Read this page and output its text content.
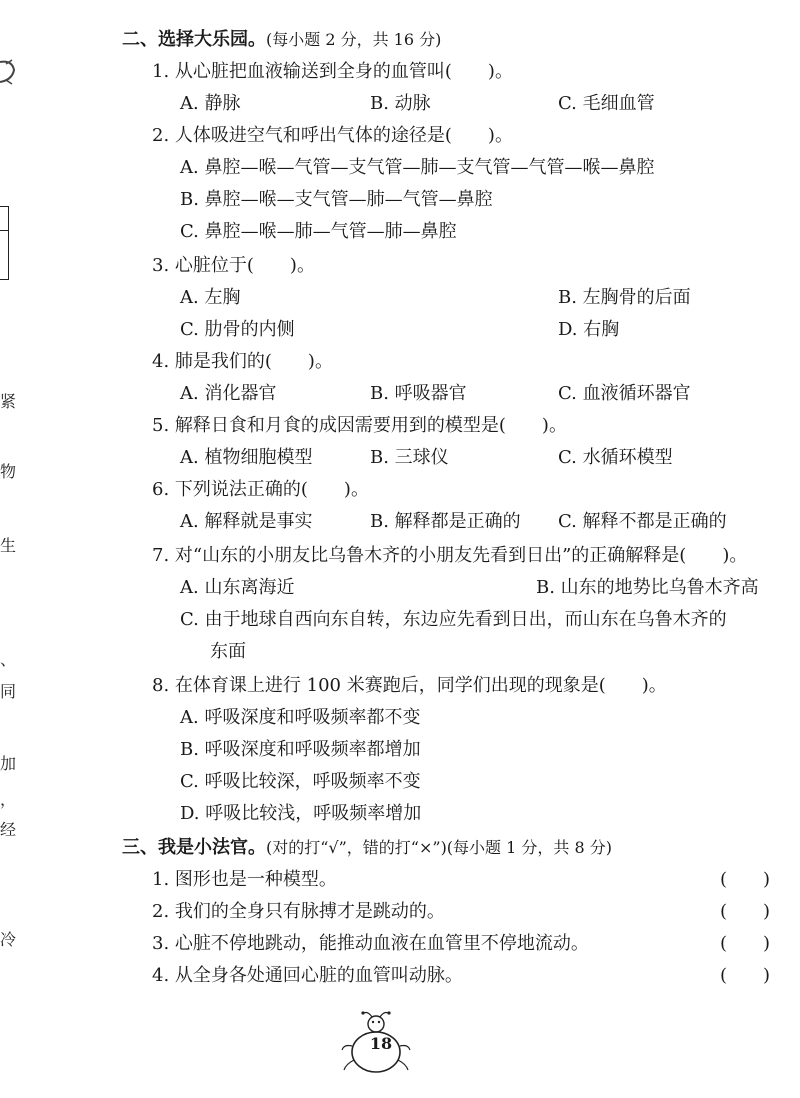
紧
物
生
、
同
加
，
经
冷
二、选择大乐园。(每小题 2 分，共 16 分)
1. 从心脏把血液输送到全身的血管叫(　　)。
A. 静脉	B. 动脉	C. 毛细血管
2. 人体吸进空气和呼出气体的途径是(　　)。
A. 鼻腔—喉—气管—支气管—肺—支气管—气管—喉—鼻腔
B. 鼻腔—喉—支气管—肺—气管—鼻腔
C. 鼻腔—喉—肺—气管—肺—鼻腔
3. 心脏位于(　　)。
A. 左胸	B. 左胸骨的后面
C. 肋骨的内侧	D. 右胸
4. 肺是我们的(　　)。
A. 消化器官	B. 呼吸器官	C. 血液循环器官
5. 解释日食和月食的成因需要用到的模型是(　　)。
A. 植物细胞模型	B. 三球仪	C. 水循环模型
6. 下列说法正确的(　　)。
A. 解释就是事实	B. 解释都是正确的 C. 解释不都是正确的
7. 对“山东的小朋友比乌鲁木齐的小朋友先看到日出”的正确解释是(　　)。
A. 山东离海近	B. 山东的地势比乌鲁木齐高
C. 由于地球自西向东自转，东边应先看到日出，而山东在乌鲁木齐的
东面
8. 在体育课上进行 100 米赛跑后，同学们出现的现象是(　　)。
A. 呼吸深度和呼吸频率都不变
B. 呼吸深度和呼吸频率都增加
C. 呼吸比较深，呼吸频率不变
D. 呼吸比较浅，呼吸频率增加
三、我是小法官。(对的打“√”，错的打“×”)(每小题 1 分，共 8 分)
1. 图形也是一种模型。	(　　)
2. 我们的全身只有脉搏才是跳动的。	(　　)
3. 心脏不停地跳动，能推动血液在血管里不停地流动。	(　　)
4. 从全身各处通回心脏的血管叫动脉。	(　　)
18
